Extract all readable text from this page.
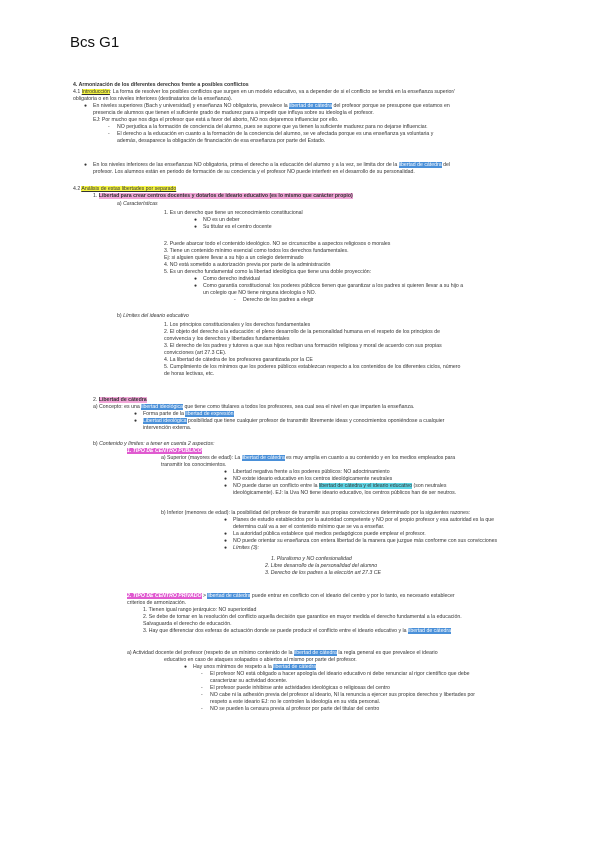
Bcs G1
4. Armonización de los diferentes derechos frente a posibles conflictos
4.1 Introducción: La forma de resolver los posibles conflictos que surgen en un modelo educativo, va a depender de si el conflicto se tendrá en la enseñanza superior/
obligatoria o en los niveles inferiores (destinatarios de la enseñanza).
● En niveles superiores (Bach y universidad) y enseñanza NO obligatoria, prevalece la libertad de cátedra del profesor porque se presupone que estamos en
presencia de alumnos que tienen el suficiente grado de madurez para a impedir que influya sobre su ideología el profesor.
EJ: Por mucho que nos diga el profesor que está a favor del aborto, NO nos dejaremos influenciar por ello.
- NO perjudica a la formación de conciencia del alumno, pues se supone que ya tienen la suficiente madurez para no dejarse influenciar.
- El derecho a la educación en cuanto a la formación de la conciencia del alumno, se ve afectada porque es una enseñanza ya voluntaria y
además, desaparece la obligación de financiación de esa enseñanza por parte del Estado.
● En los niveles inferiores de las enseñanzas NO obligatoria, prima el derecho a la educación del alumno y a la vez, se limita dor de la libertad de cátedra del
profesor. Los alumnos están en periodo de formación de su conciencia y el profesor NO puede interferir en el desarrollo de su personalidad.
4.2 Análisis de estas libertades por separado
1. Libertad para crear centros docentes y dotarlos de ideario educativo (es lo mismo que carácter propio)
a) Características
1. Es un derecho que tiene un reconocimiento constitucional
● NO es un deber
● Su titular es el centro docente
2. Puede abarcar todo el contenido ideológico. NO se circunscribe a aspectos religiosos o morales
3. Tiene un contenido mínimo esencial como todos los derechos fundamentales.
Ej: si alguien quiere llevar a su hijo a un colegio determinado
4. NO está sometido a autorización previa por parte de la administración
5. Es un derecho fundamental como la libertad ideológica que tiene una doble proyección:
● Como derecho individual
● Como garantía constitucional: los poderes públicos tienen que garantizar a los padres si quieren llevar a su hijo a
un colegio que NO tiene ninguna ideología o NO.
- Derecho de los padres a elegir
b) Límites del ideario educativo
1. Los principios constitucionales y los derechos fundamentales
2. El objeto del derecho a la educación: el pleno desarrollo de la personalidad humana en el respeto de los principios de
convivencia y los derechos y libertades fundamentales
3. El derecho de los padres y tutores a que sus hijos reciban una formación religiosa y moral de acuerdo con sus propias
convicciones (art 27.3 CE).
4. La libertad de cátedra de los profesores garantizada por la CE
5. Cumplimiento de los mínimos que los poderes públicos establezcan respecto a los contenidos de los diferentes ciclos, número
de horas lectivas, etc.
2. Libertad de cátedra
a) Concepto: es una libertad ideológica que tiene como titulares a todos los profesores, sea cual sea el nivel en que imparten la enseñanza.
● Forma parte de la libertad de expresión
● Libertad ideológica posibilidad que tiene cualquier profesor de transmitir libremente ideas y conocimientos oponiéndose a cualquier
intervención externa.
b) Contenido y límites: a tener en cuenta 2 aspectos:
1. TIPO DE CENTRO PÚBLICO
a) Superior (mayores de edad): La libertad de cátedra es muy amplia en cuanto a su contenido y en los medios empleados para
transmitir los conocimientos.
● Libertad negativa frente a los poderes públicos: NO adoctrinamiento
● NO existe ideario educativo en los centros ideológicamente neutrales
● NO puede darse un conflicto entre la libertad de cátedra y el ideario educativo (son neutrales
ideológicamente). EJ: la Uva NO tiene ideario educativo, los centros públicos han de ser neutros.
b) Inferior (menores de edad): la posibilidad del profesor de transmitir sus propias convicciones determinado por la siguientes razones:
● Planes de estudio establecidos por la autoridad competente y NO por el propio profesor y esa autoridad es la que
determina cuál va a ser el contenido mínimo que se va a enseñar.
● La autoridad pública establece qué medios pedagógicos puede emplear el profesor.
● NO puede orientar su enseñanza con entera libertad de la manera que juzgue más conforme con sus convicciones
● Límites (3):
1. Pluralismo y NO confesionalidad
2. Libre desarrollo de la personalidad del alumno
3. Derecho de los padres a la elección art 27.3 CE
2. TIPO DE CENTRO PRIVADO > libertad de cátedra puede entrar en conflicto con el ideario del centro y por lo tanto, es necesario establecer
criterios de armonización.
1. Tienen igual rango jerárquico: NO superioridad
2. Se debe de tomar en la resolución del conflicto aquella decisión que garantice en mayor medida el derecho fundamental a la educación.
Salvaguarda el derecho de educación.
3. Hay que diferenciar dos esferas de actuación donde se puede producir el conflicto entre el ideario educativo y la libertad de cátedra
a) Actividad docente del profesor (respeto de un mínimo contenido de la libertad de cátedra la regla general es que prevalece el ideario
educativo en caso de ataques solapados o abiertos al mismo por parte del profesor.
● Hay unos mínimos de respeto a la libertad de cátedra
- El profesor NO está obligado a hacer apología del ideario educativo ni debe renunciar al rigor científico que debe
caracterizar su actividad docente.
- El profesor puede inhibirse ante actividades ideológicas o religiosas del centro
- NO cabe ni la adhesión previa del profesor al ideario, NI la renuncia a ejercer sus propios derechos y libertades por
respeto a este ideario EJ: no le controlen la ideología en su vida personal.
- NO se pueden la censura previa al profesor por parte del titular del centro
